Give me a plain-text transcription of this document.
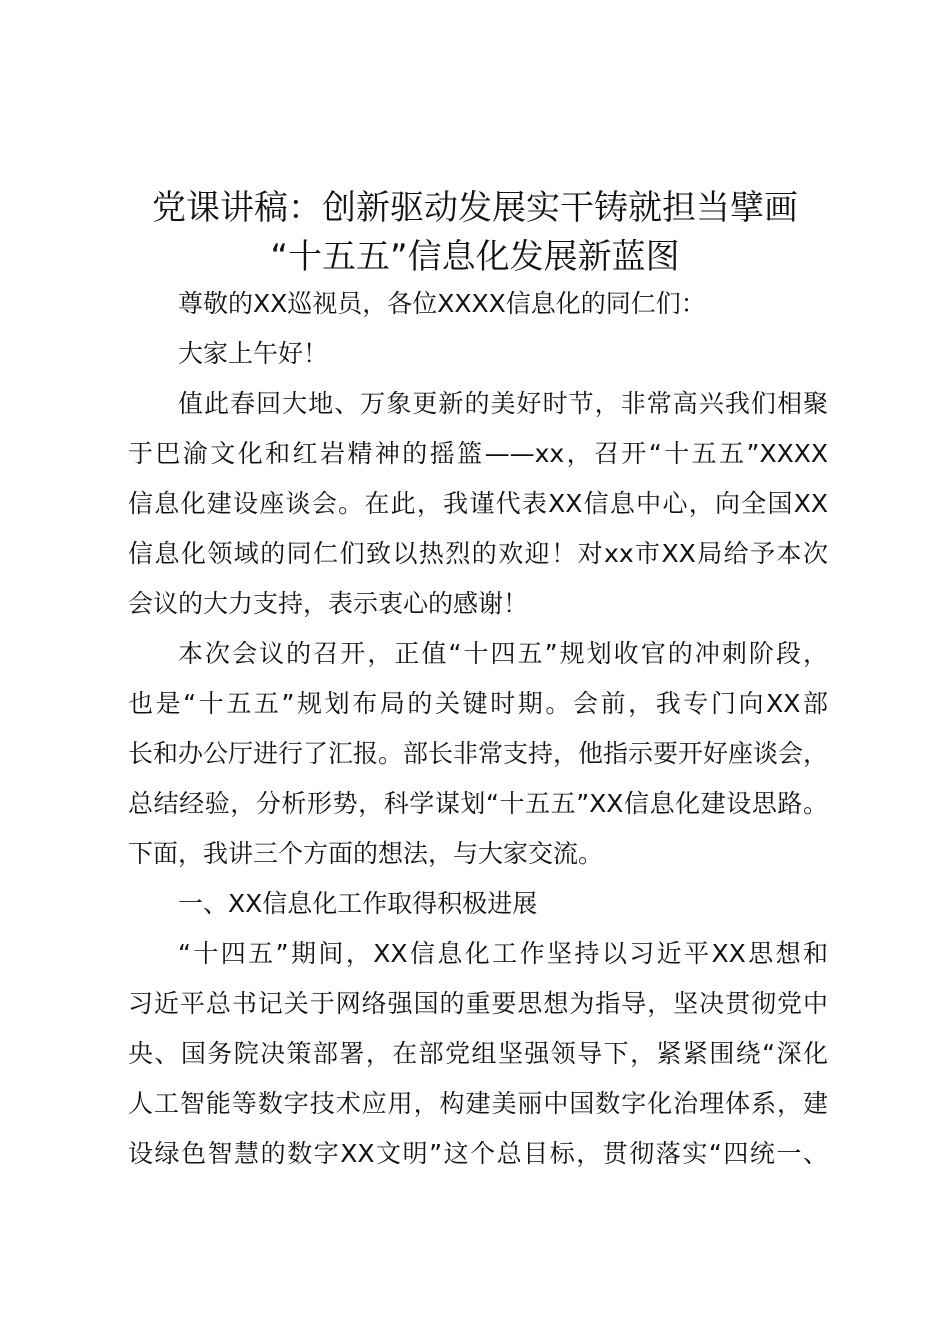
党课讲稿：创新驱动发展实干铸就担当擘画
“十五五”信息化发展新蓝图
尊敬的XX巡视员，各位XXXX信息化的同仁们：
大家上午好！
值此春回大地、万象更新的美好时节，非常高兴我们相聚
于巴渝文化和红岩精神的摇篮——xx，召开“十五五”XXXX
信息化建设座谈会。在此，我谨代表XX信息中心，向全国XX
信息化领域的同仁们致以热烈的欢迎！对xx市XX局给予本次
会议的大力支持，表示衷心的感谢！
本次会议的召开，正值“十四五”规划收官的冲刺阶段，
也是“十五五”规划布局的关键时期。会前，我专门向XX部
长和办公厅进行了汇报。部长非常支持，他指示要开好座谈会，
总结经验，分析形势，科学谋划“十五五”XX信息化建设思路。
下面，我讲三个方面的想法，与大家交流。
一、XX信息化工作取得积极进展
“十四五”期间，XX信息化工作坚持以习近平XX思想和
习近平总书记关于网络强国的重要思想为指导，坚决贯彻党中
央、国务院决策部署，在部党组坚强领导下，紧紧围绕“深化
人工智能等数字技术应用，构建美丽中国数字化治理体系，建
设绿色智慧的数字XX文明”这个总目标，贯彻落实“四统一、
